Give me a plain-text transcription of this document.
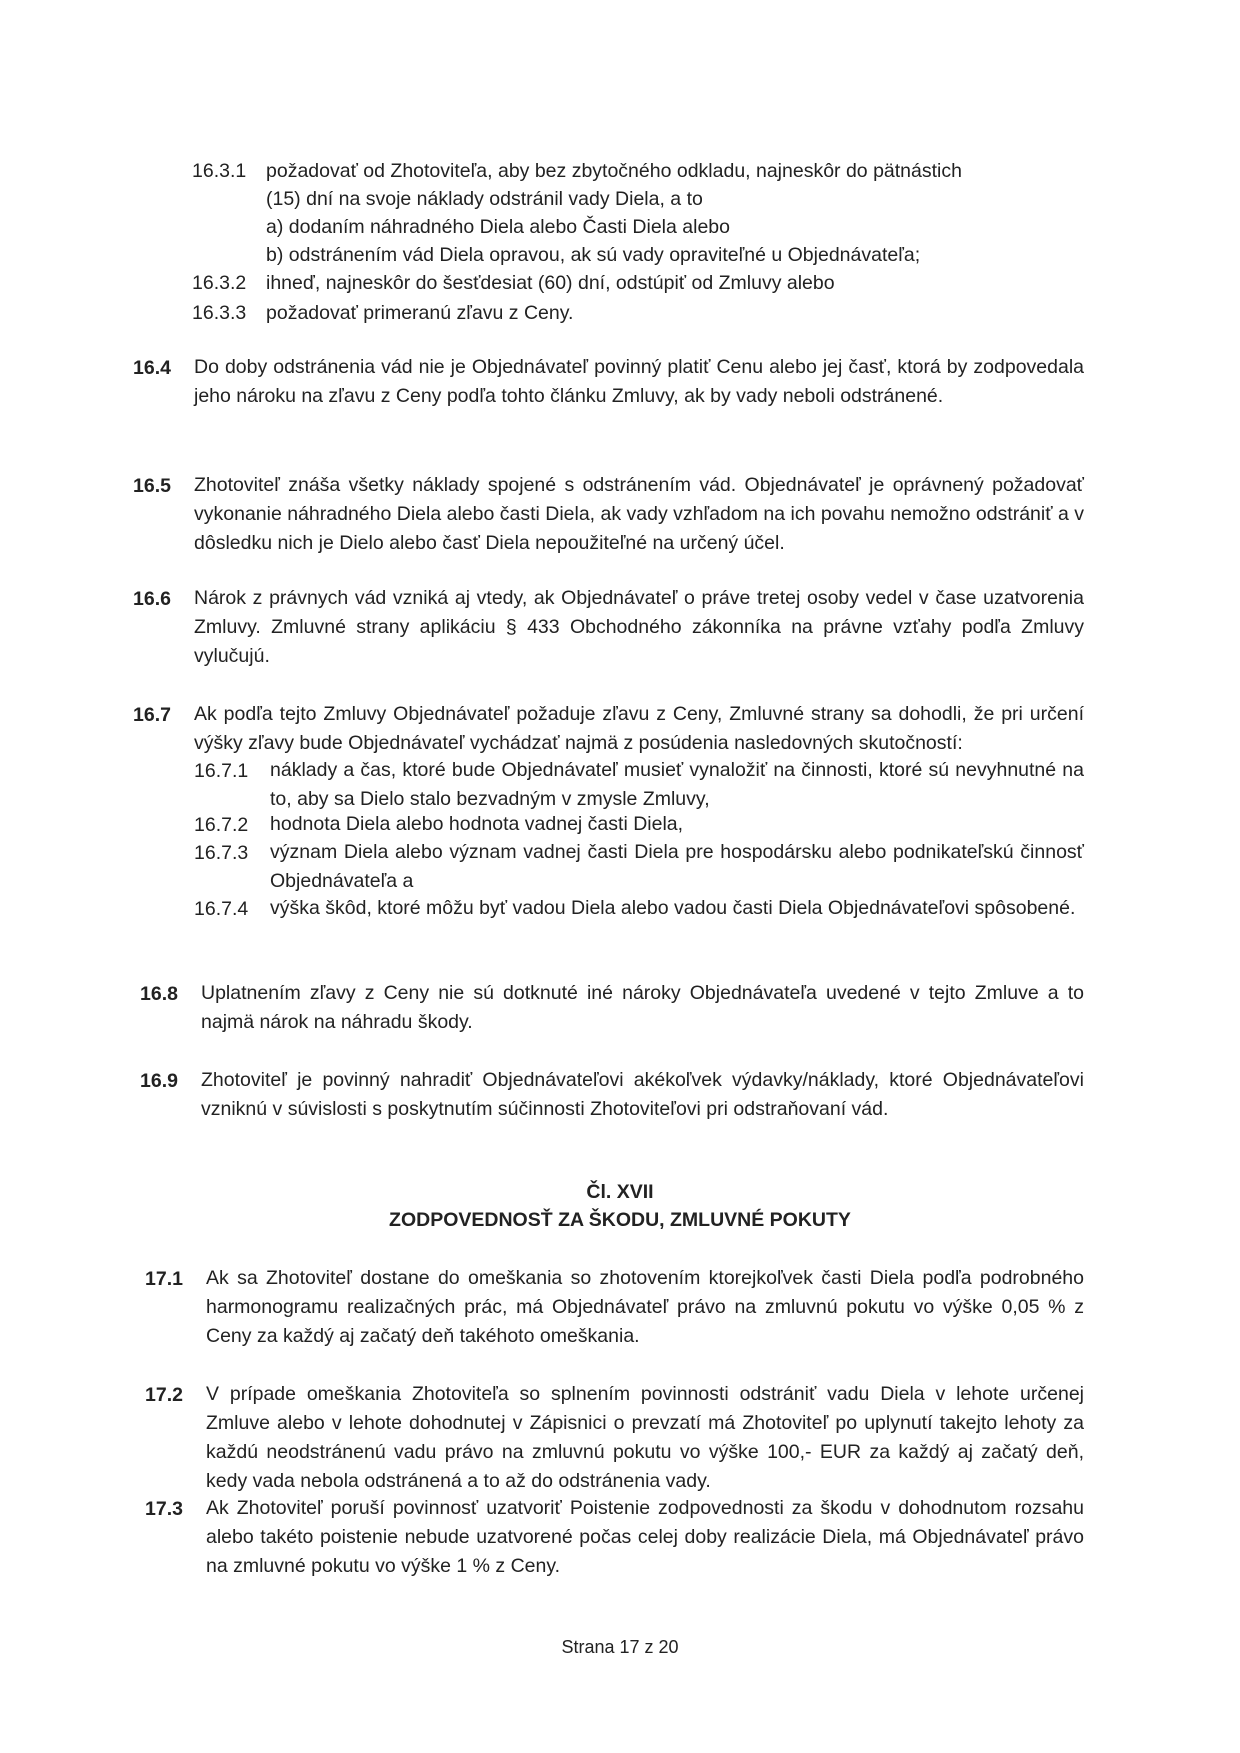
16.3.1 požadovať od Zhotoviteľa, aby bez zbytočného odkladu, najneskôr do pätnástich
(15) dní na svoje náklady odstránil vady Diela, a to
a) dodaním náhradného Diela alebo Časti Diela alebo
b) odstránením vád Diela opravou, ak sú vady opraviteľné u Objednávateľa;
16.3.2 ihneď, najneskôr do šesťdesiat (60) dní, odstúpiť od Zmluvy alebo
16.3.3 požadovať primeranú zľavu z Ceny.
16.4 Do doby odstránenia vád nie je Objednávateľ povinný platiť Cenu alebo jej časť, ktorá by zodpovedala jeho nároku na zľavu z Ceny podľa tohto článku Zmluvy, ak by vady neboli odstránené.
16.5 Zhotoviteľ znáša všetky náklady spojené s odstránením vád. Objednávateľ je oprávnený požadovať vykonanie náhradného Diela alebo časti Diela, ak vady vzhľadom na ich povahu nemožno odstrániť a v dôsledku nich je Dielo alebo časť Diela nepoužiteľné na určený účel.
16.6 Nárok z právnych vád vzniká aj vtedy, ak Objednávateľ o práve tretej osoby vedel v čase uzatvorenia Zmluvy. Zmluvné strany aplikáciu § 433 Obchodného zákonníka na právne vzťahy podľa Zmluvy vylučujú.
16.7 Ak podľa tejto Zmluvy Objednávateľ požaduje zľavu z Ceny, Zmluvné strany sa dohodli, že pri určení výšky zľavy bude Objednávateľ vychádzať najmä z posúdenia nasledovných skutočností:
16.7.1 náklady a čas, ktoré bude Objednávateľ musieť vynaložiť na činnosti, ktoré sú nevyhnutné na to, aby sa Dielo stalo bezvadným v zmysle Zmluvy,
16.7.2 hodnota Diela alebo hodnota vadnej časti Diela,
16.7.3 význam Diela alebo význam vadnej časti Diela pre hospodársku alebo podnikateľskú činnosť Objednávateľa a
16.7.4 výška škôd, ktoré môžu byť vadou Diela alebo vadou časti Diela Objednávateľovi spôsobené.
16.8 Uplatnením zľavy z Ceny nie sú dotknuté iné nároky Objednávateľa uvedené v tejto Zmluve a to najmä nárok na náhradu škody.
16.9 Zhotoviteľ je povinný nahradiť Objednávateľovi akékoľvek výdavky/náklady, ktoré Objednávateľovi vzniknú v súvislosti s poskytnutím súčinnosti Zhotoviteľovi pri odstraňovaní vád.
Čl. XVII
ZODPOVEDNOSŤ ZA ŠKODU, ZMLUVNÉ POKUTY
17.1 Ak sa Zhotoviteľ dostane do omeškania so zhotovením ktorejkoľvek časti Diela podľa podrobného harmonogramu realizačných prác, má Objednávateľ právo na zmluvnú pokutu vo výške 0,05 % z Ceny za každý aj začatý deň takéhoto omeškania.
17.2 V prípade omeškania Zhotoviteľa so splnením povinnosti odstrániť vadu Diela v lehote určenej Zmluve alebo v lehote dohodnutej v Zápisnici o prevzatí má Zhotoviteľ po uplynutí takejto lehoty za každú neodstránenú vadu právo na zmluvnú pokutu vo výške 100,- EUR za každý aj začatý deň, kedy vada nebola odstránená a to až do odstránenia vady.
17.3 Ak Zhotoviteľ poruší povinnosť uzatvoriť Poistenie zodpovednosti za škodu v dohodnutom rozsahu alebo takéto poistenie nebude uzatvorené počas celej doby realizácie Diela, má Objednávateľ právo na zmluvné pokutu vo výške 1 % z Ceny.
Strana 17 z 20
